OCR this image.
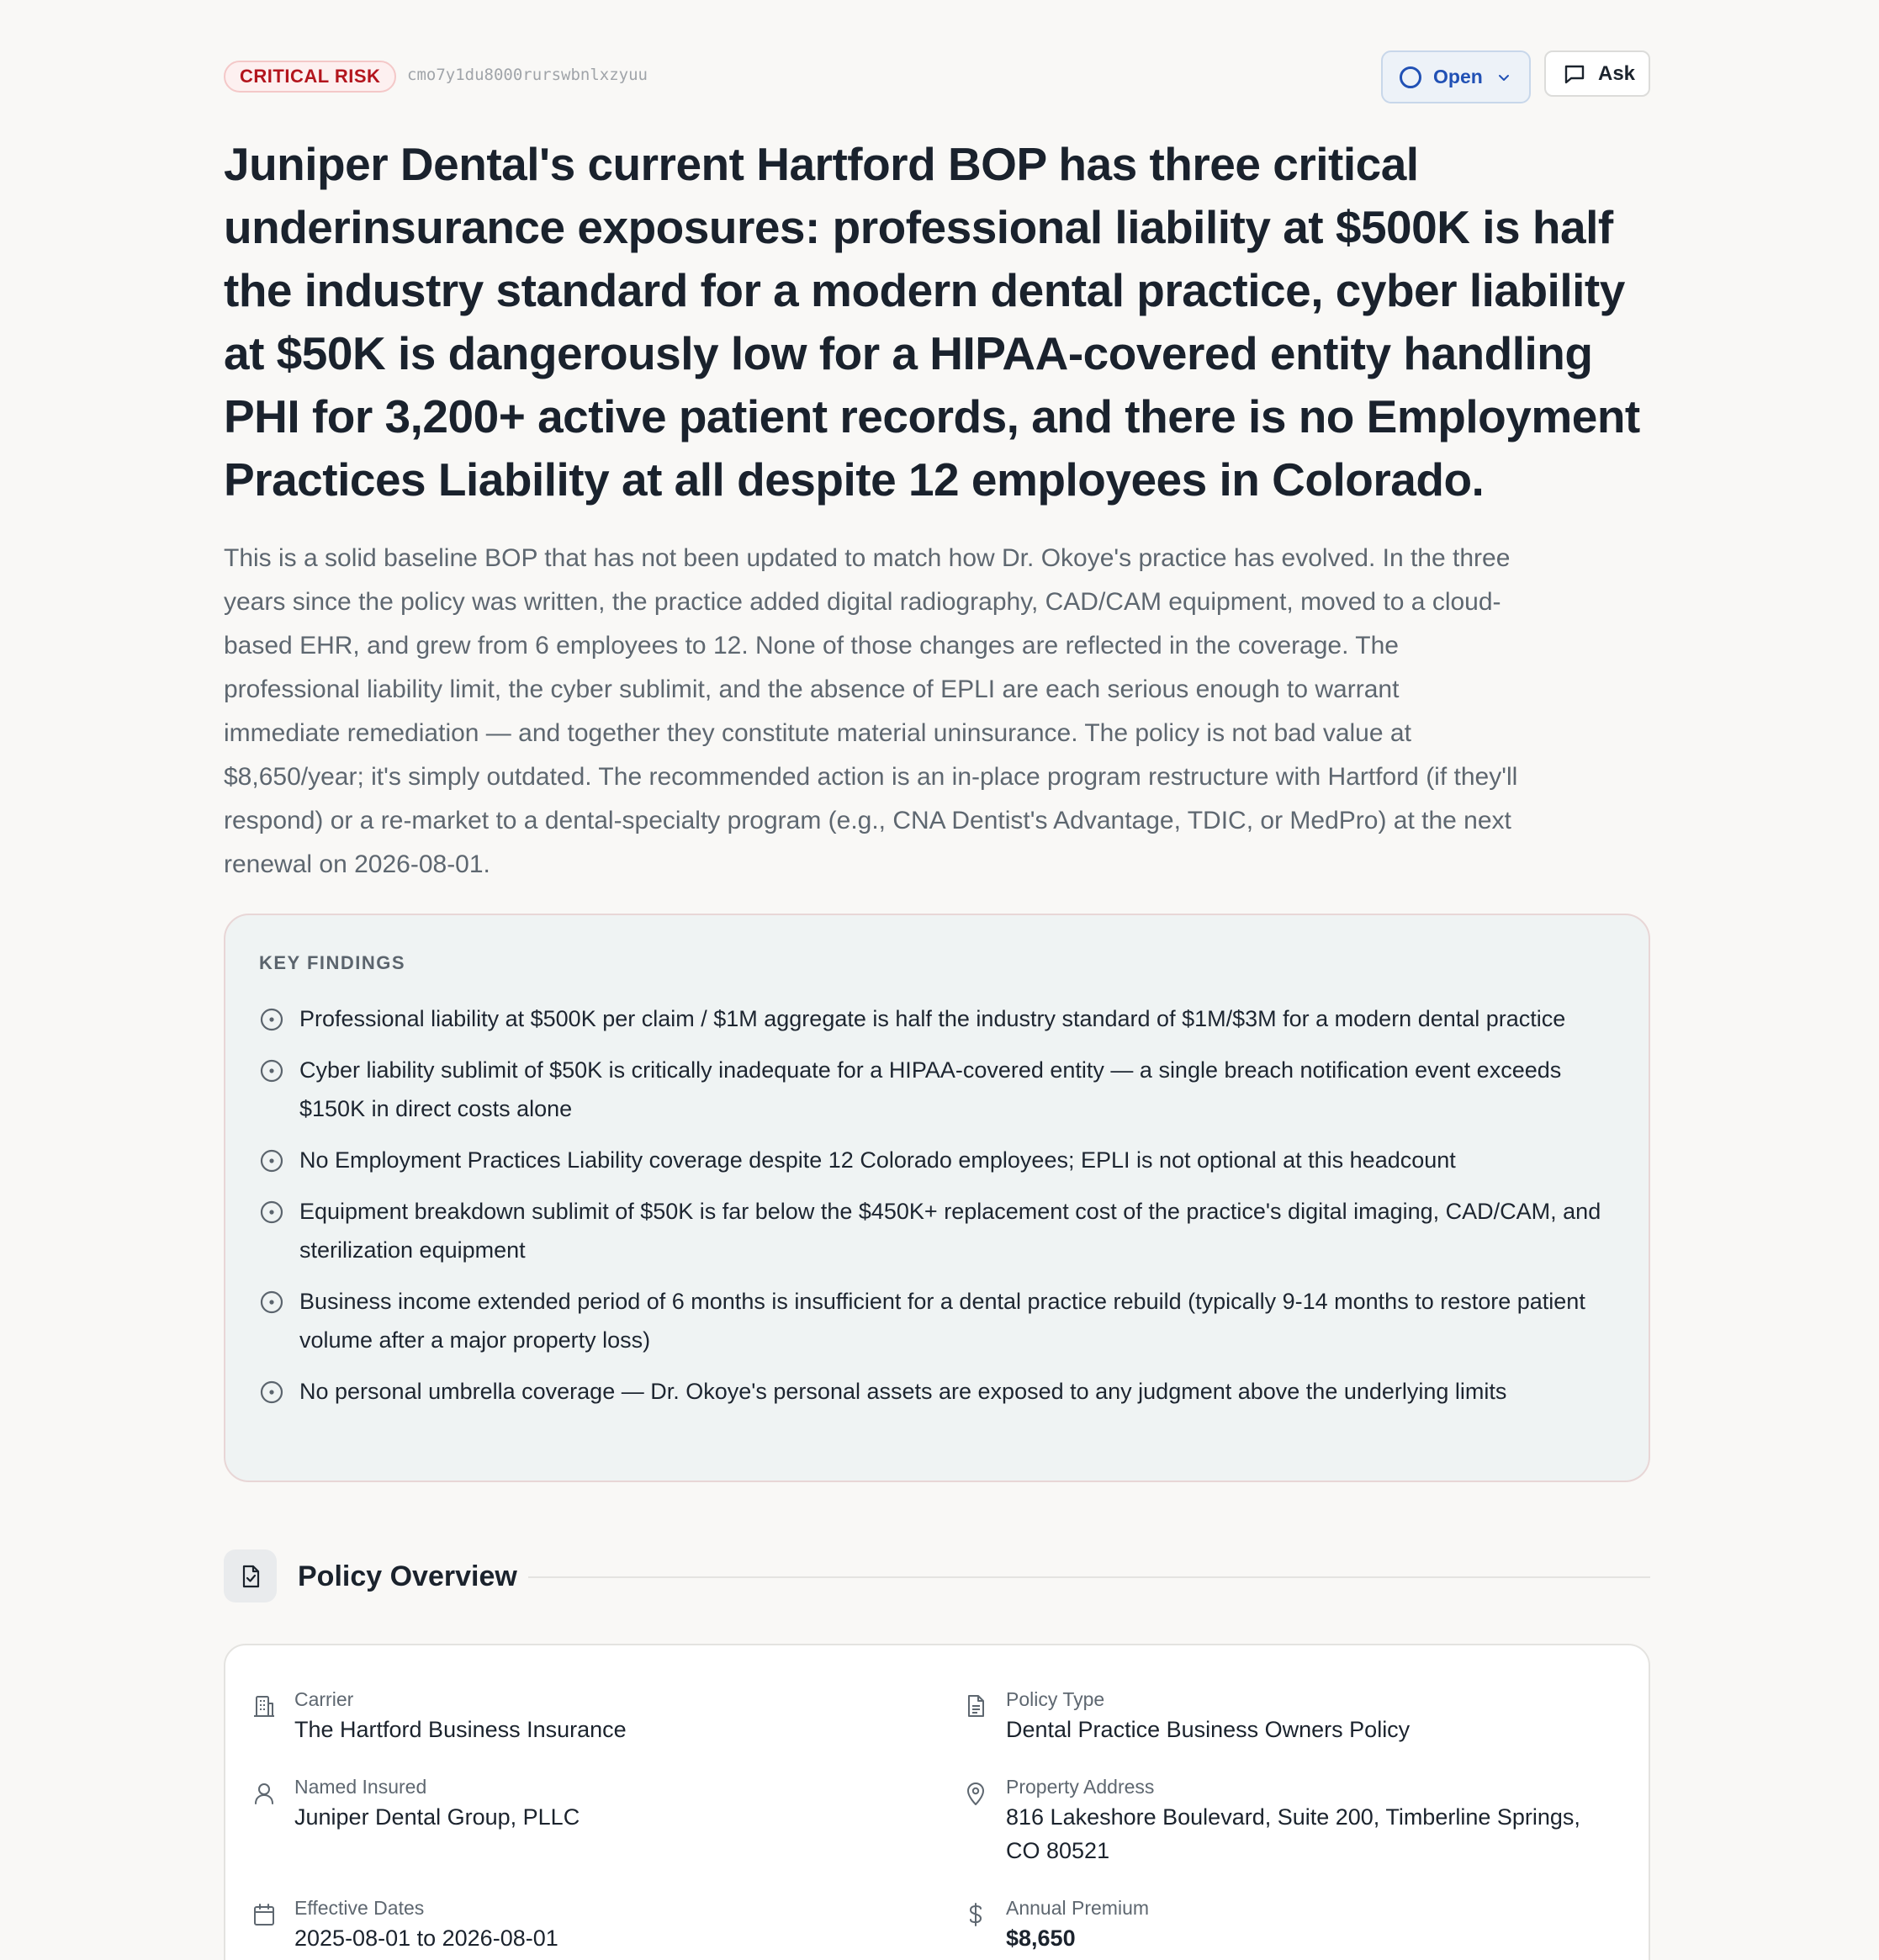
CRITICAL RISK	cmo7y1du8000rurswbnlxzyuu	Open	Ask
Juniper Dental's current Hartford BOP has three critical underinsurance exposures: professional liability at $500K is half the industry standard for a modern dental practice, cyber liability at $50K is dangerously low for a HIPAA-covered entity handling PHI for 3,200+ active patient records, and there is no Employment Practices Liability at all despite 12 employees in Colorado.

This is a solid baseline BOP that has not been updated to match how Dr. Okoye's practice has evolved. In the three years since the policy was written, the practice added digital radiography, CAD/CAM equipment, moved to a cloud-based EHR, and grew from 6 employees to 12. None of those changes are reflected in the coverage. The professional liability limit, the cyber sublimit, and the absence of EPLI are each serious enough to warrant immediate remediation — and together they constitute material uninsurance. The policy is not bad value at $8,650/year; it's simply outdated. The recommended action is an in-place program restructure with Hartford (if they'll respond) or a re-market to a dental-specialty program (e.g., CNA Dentist's Advantage, TDIC, or MedPro) at the next renewal on 2026-08-01.

KEY FINDINGS
Professional liability at $500K per claim / $1M aggregate is half the industry standard of $1M/$3M for a modern dental practice
Cyber liability sublimit of $50K is critically inadequate for a HIPAA-covered entity — a single breach notification event exceeds $150K in direct costs alone
No Employment Practices Liability coverage despite 12 Colorado employees; EPLI is not optional at this headcount
Equipment breakdown sublimit of $50K is far below the $450K+ replacement cost of the practice's digital imaging, CAD/CAM, and sterilization equipment
Business income extended period of 6 months is insufficient for a dental practice rebuild (typically 9-14 months to restore patient volume after a major property loss)
No personal umbrella coverage — Dr. Okoye's personal assets are exposed to any judgment above the underlying limits
Policy Overview
Carrier
The Hartford Business Insurance
Policy Type
Dental Practice Business Owners Policy
Named Insured
Juniper Dental Group, PLLC
Property Address
816 Lakeshore Boulevard, Suite 200, Timberline Springs, CO 80521
Effective Dates
2025-08-01 to 2026-08-01
Annual Premium
$8,650
